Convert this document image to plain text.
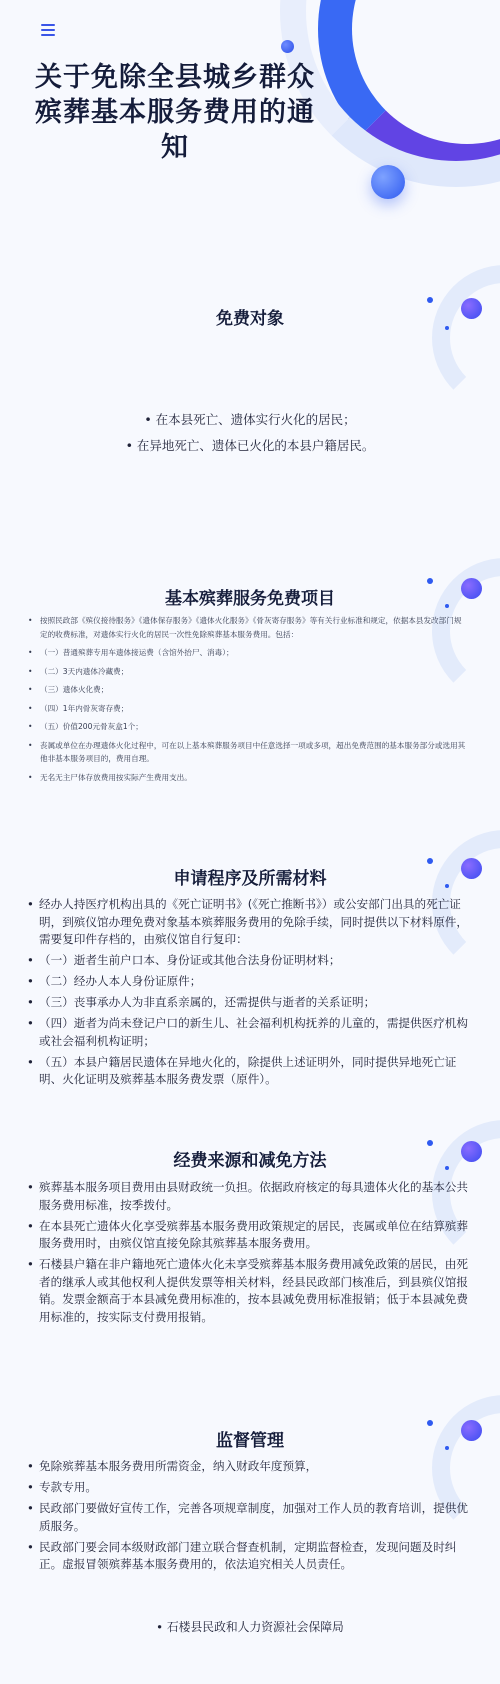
关于免除全县城乡群众殡葬基本服务费用的通知
免费对象
• 在本县死亡、遗体实行火化的居民；
• 在异地死亡、遗体已火化的本县户籍居民。
基本殡葬服务免费项目
• 按照民政部《殡仪接待服务》《遗体保存服务》《遗体火化服务》《骨灰寄存服务》等有关行业标准和规定，依据本县发改部门规定的收费标准，对遗体实行火化的居民一次性免除殡葬基本服务费用。包括：
• （一）普通殡葬专用车遗体接运费（含馆外抬尸、消毒）；
• （二）3天内遗体冷藏费；
• （三）遗体火化费；
• （四）1年内骨灰寄存费；
• （五）价值200元骨灰盒1个；
• 丧属或单位在办理遗体火化过程中，可在以上基本殡葬服务项目中任意选择一项或多项，超出免费范围的基本服务部分或选用其他非基本服务项目的，费用自理。
• 无名无主尸体存放费用按实际产生费用支出。
申请程序及所需材料
• 经办人持医疗机构出具的《死亡证明书》(《死亡推断书》）或公安部门出具的死亡证明，到殡仪馆办理免费对象基本殡葬服务费用的免除手续，同时提供以下材料原件，需要复印件存档的，由殡仪馆自行复印：
• （一）逝者生前户口本、身份证或其他合法身份证明材料；
• （二）经办人本人身份证原件；
• （三）丧事承办人为非直系亲属的，还需提供与逝者的关系证明；
• （四）逝者为尚未登记户口的新生儿、社会福利机构抚养的儿童的，需提供医疗机构或社会福利机构证明；
• （五）本县户籍居民遗体在异地火化的，除提供上述证明外，同时提供异地死亡证明、火化证明及殡葬基本服务费发票（原件）。
经费来源和减免方法
• 殡葬基本服务项目费用由县财政统一负担。依据政府核定的每具遗体火化的基本公共服务费用标准，按季拨付。
• 在本县死亡遗体火化享受殡葬基本服务费用政策规定的居民，丧属或单位在结算殡葬服务费用时，由殡仪馆直接免除其殡葬基本服务费用。
• 石楼县户籍在非户籍地死亡遗体火化未享受殡葬基本服务费用减免政策的居民，由死者的继承人或其他权利人提供发票等相关材料，经县民政部门核准后，到县殡仪馆报销。发票金额高于本县减免费用标准的，按本县减免费用标准报销；低于本县减免费用标准的，按实际支付费用报销。
监督管理
• 免除殡葬基本服务费用所需资金，纳入财政年度预算，
• 专款专用。
• 民政部门要做好宣传工作，完善各项规章制度，加强对工作人员的教育培训，提供优质服务。
• 民政部门要会同本级财政部门建立联合督查机制，定期监督检查，发现问题及时纠正。虚报冒领殡葬基本服务费用的，依法追究相关人员责任。

• 石楼县民政和人力资源社会保障局
